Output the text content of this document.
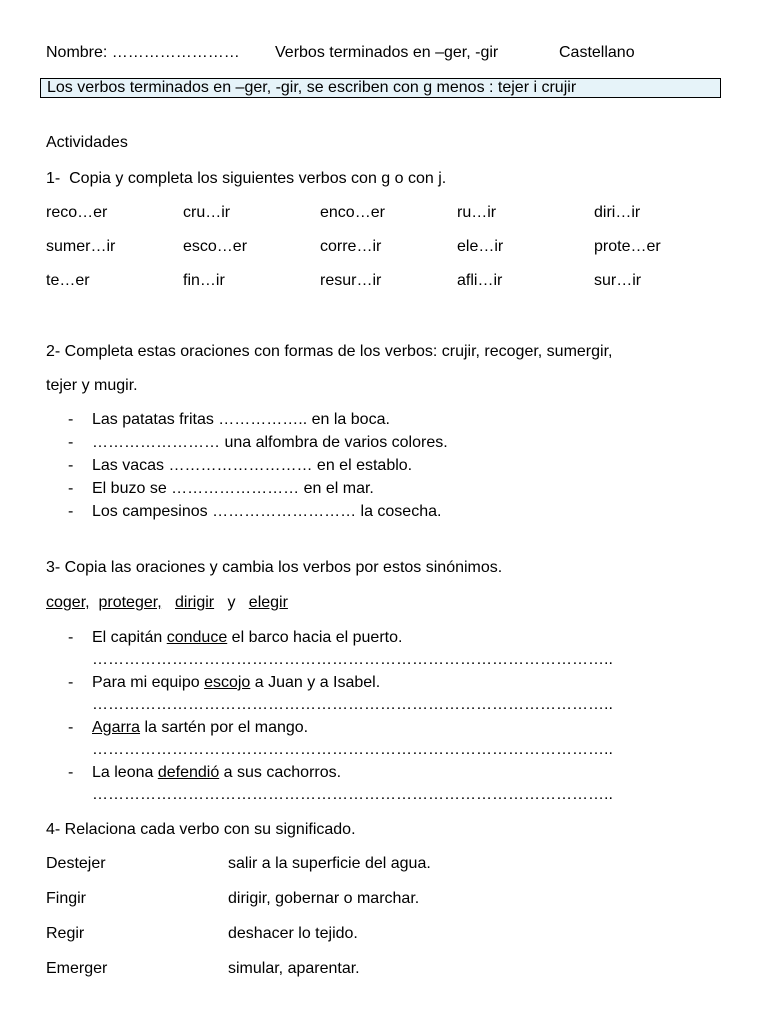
Nombre: …………………… Verbos terminados en –ger, -gir	Castellano
Los verbos terminados en –ger, -gir, se escriben con g menos : tejer i crujir
Actividades
1- Copia y completa los siguientes verbos con g o con j.
reco…er	cru…ir	enco…er	ru…ir	diri…ir
sumer…ir	esco…er	corre…ir	ele…ir	prote…er
te…er	fin…ir	resur…ir	afli…ir	sur…ir
2- Completa estas oraciones con formas de los verbos: crujir, recoger, sumergir,
tejer y mugir.
- Las patatas fritas …………….. en la boca.
- …………………… una alfombra de varios colores.
- Las vacas ……………………… en el establo.
- El buzo se …………………… en el mar.
- Los campesinos ……………………… la cosecha.
3- Copia las oraciones y cambia los verbos por estos sinónimos.
coger, proteger, dirigir y elegir
- El capitán conduce el barco hacia el puerto.
……………………………………………………………………………………..
- Para mi equipo escojo a Juan y a Isabel.
……………………………………………………………………………………..
- Agarra la sartén por el mango.
……………………………………………………………………………………..
- La leona defendió a sus cachorros.
……………………………………………………………………………………..
4- Relaciona cada verbo con su significado.
Destejer	salir a la superficie del agua.
Fingir	dirigir, gobernar o marchar.
Regir	deshacer lo tejido.
Emerger	simular, aparentar.
